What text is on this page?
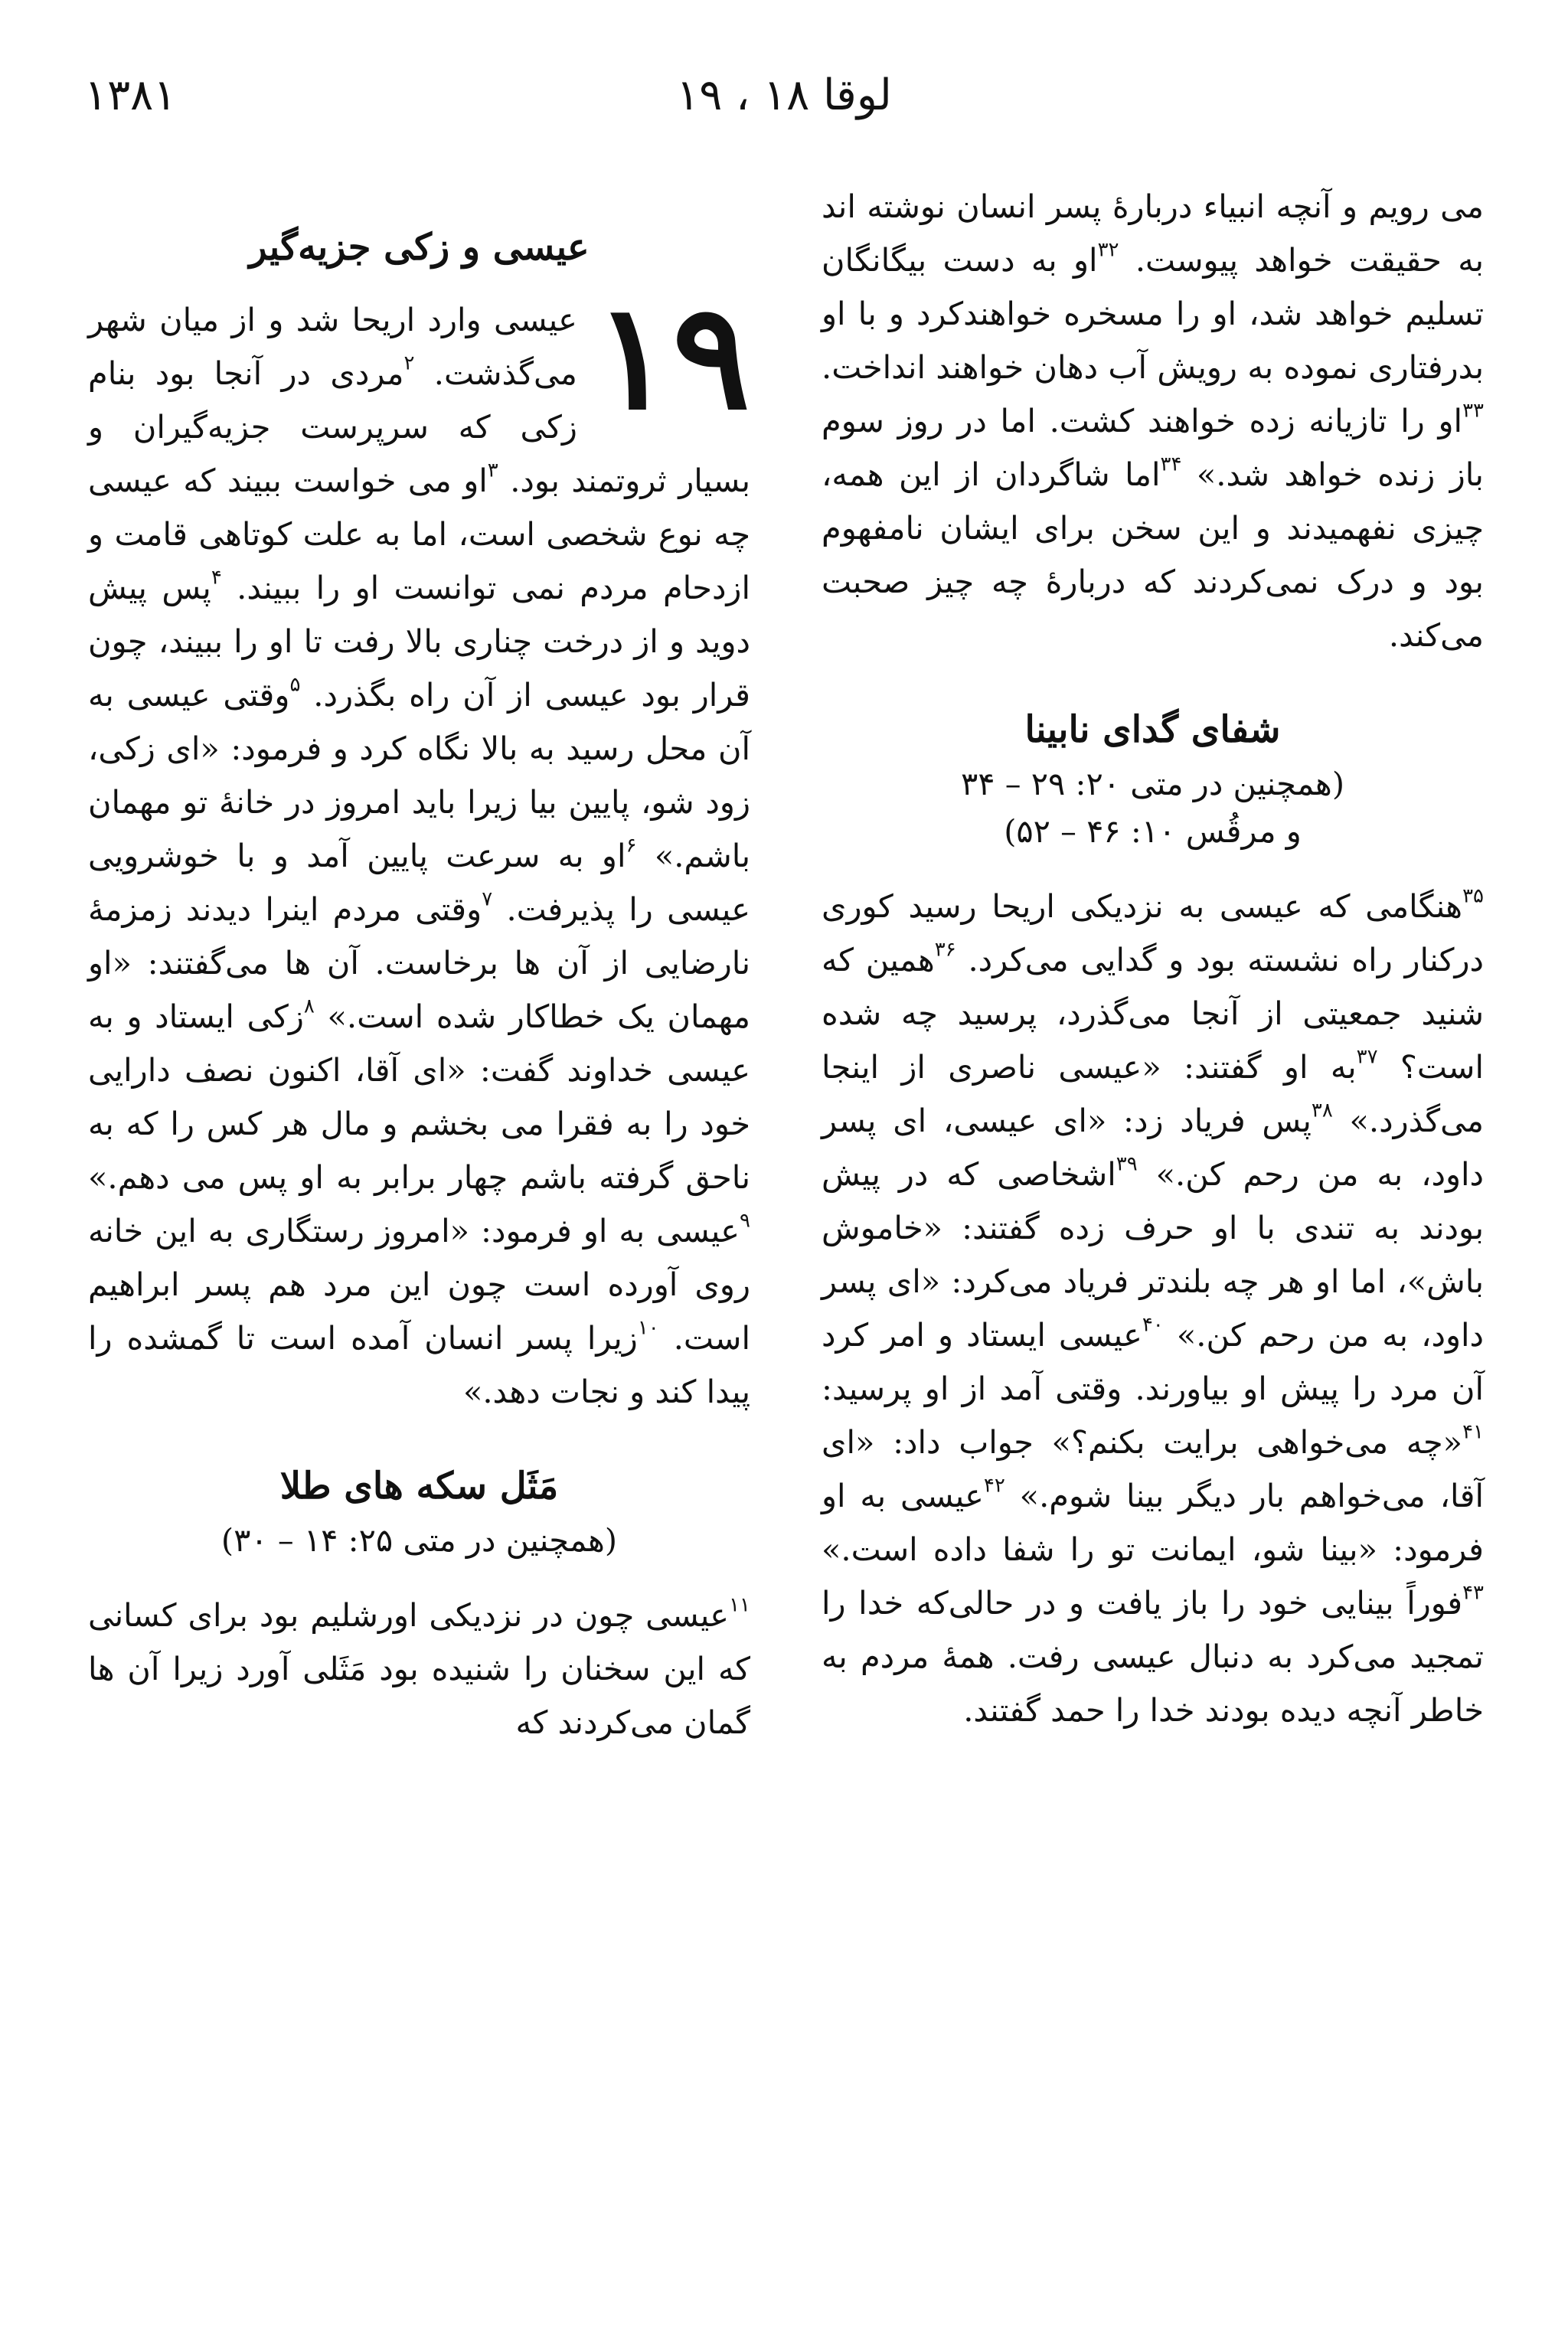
لوقا ۱۸ ، ۱۹
۱۳۸۱

می رویم و آنچه انبیاء دربارهٔ پسر انسان نوشته اند به حقیقت خواهد پیوست. $^{۳۲}$او به دست بیگانگان تسلیم خواهد شد، او را مسخره خواهندکرد و با او بدرفتاری نموده به رویش آب دهان خواهند انداخت. $^{۳۳}$او را تازیانه زده خواهند کشت. اما در روز سوم باز زنده خواهد شد.» $^{۳۴}$اما شاگردان از این همه، چیزی نفهمیدند و این سخن برای ایشان نامفهوم بود و درک نمی‌کردند که دربارهٔ چه چیز صحبت می‌کند.

شفای گدای نابینا

(همچنین در متی ۲۰: ۲۹ – ۳۴

و مرقُس ۱۰: ۴۶ – ۵۲)

$^{۳۵}$هنگامی که عیسی به نزدیکی اریحا رسید کوری درکنار راه نشسته بود و گدایی می‌کرد. $^{۳۶}$همین که شنید جمعیتی از آنجا می‌گذرد، پرسید چه شده است؟ $^{۳۷}$به او گفتند: «عیسی ناصری از اینجا می‌گذرد.» $^{۳۸}$پس فریاد زد: «ای عیسی، ای پسر داود، به من رحم کن.» $^{۳۹}$اشخاصی که در پیش بودند به تندی با او حرف زده گفتند: «خاموش باش»، اما او هر چه بلندتر فریاد می‌کرد: «ای پسر داود، به من رحم کن.» $^{۴۰}$عیسی ایستاد و امر کرد آن مرد را پیش او بیاورند. وقتی آمد از او پرسید: $^{۴۱}$«چه می‌خواهی برایت بکنم؟» جواب داد: «ای آقا، می‌خواهم بار دیگر بینا شوم.» $^{۴۲}$عیسی به او فرمود: «بینا شو، ایمانت تو را شفا داده است.» $^{۴۳}$فوراً بینایی خود را باز یافت و در حالی‌که خدا را تمجید می‌کرد به دنبال عیسی رفت. همهٔ مردم به خاطر آنچه دیده بودند خدا را حمد گفتند.

عیسی و زکی جزیه‌گیر

۱۹
عیسی وارد اریحا شد و از میان شهر می‌گذشت. $^۲$مردی در آنجا بود بنام زکی که سرپرست جزیه‌گیران و بسیار ثروتمند بود. $^۳$او می خواست ببیند که عیسی چه نوع شخصی است، اما به علت کوتاهی قامت و ازدحام مردم نمی توانست او را ببیند. $^۴$پس پیش دوید و از درخت چناری بالا رفت تا او را ببیند، چون قرار بود عیسی از آن راه بگذرد. $^۵$وقتی عیسی به آن محل رسید به بالا نگاه کرد و فرمود: «ای زکی، زود شو، پایین بیا زیرا باید امروز در خانهٔ تو مهمان باشم.» $^۶$او به سرعت پایین آمد و با خوشرویی عیسی را پذیرفت. $^۷$وقتی مردم اینرا دیدند زمزمهٔ نارضایی از آن ها برخاست. آن ها می‌گفتند: «او مهمان یک خطاکار شده است.» $^۸$زکی ایستاد و به عیسی خداوند گفت: «ای آقا، اکنون نصف دارایی خود را به فقرا می بخشم و مال هر کس را که به ناحق گرفته باشم چهار برابر به او پس می دهم.» $^۹$عیسی به او فرمود: «امروز رستگاری به این خانه روی آورده است چون این مرد هم پسر ابراهیم است. $^{۱۰}$زیرا پسر انسان آمده است تا گمشده را پیدا کند و نجات دهد.»

مَثَل سکه های طلا

(همچنین در متی ۲۵: ۱۴ – ۳۰)

$^{۱۱}$عیسی چون در نزدیکی اورشلیم بود برای کسانی که این سخنان را شنیده بود مَثَلی آورد زیرا آن ها گمان می‌کردند که
